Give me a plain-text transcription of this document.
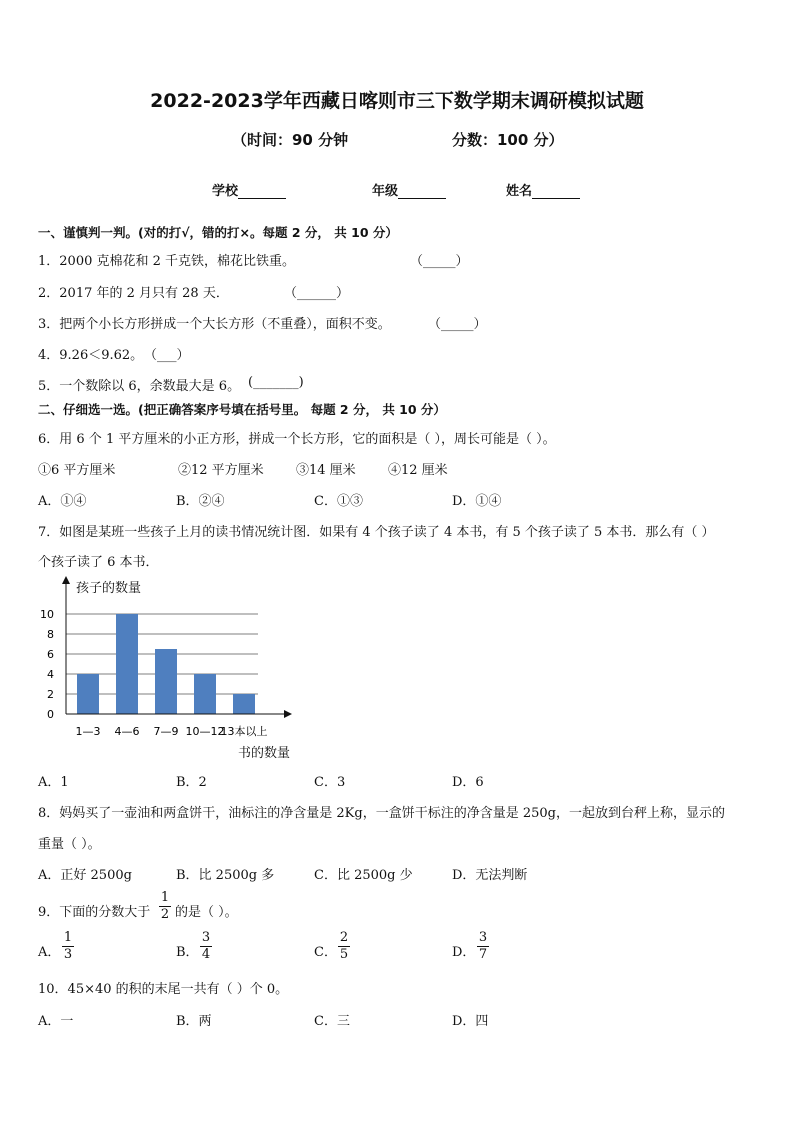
2022-2023学年西藏日喀则市三下数学期末调研模拟试题
（时间：90 分钟	分数：100 分）
学校	年级	姓名
一、谨慎判一判。(对的打√，错的打×。每题 2 分， 共 10 分）
1．2000 克棉花和 2 千克铁，棉花比铁重。	（_____）
2．2017 年的 2 月只有 28 天．	（______）
3．把两个小长方形拼成一个大长方形（不重叠），面积不变。	（_____）
4．9.26＜9.62。 （___）
5．一个数除以 6，余数最大是 6。 (_______)
二、仔细选一选。(把正确答案序号填在括号里。 每题 2 分， 共 10 分）
6．用 6 个 1 平方厘米的小正方形，拼成一个长方形，它的面积是（ ），周长可能是（ ）。
①6 平方厘米	②12 平方厘米 ③14 厘米 ④12 厘米
A．①④	B．②④	C．①③	D．①④
7．如图是某班一些孩子上月的读书情况统计图．如果有 4 个孩子读了 4 本书，有 5 个孩子读了 5 本书．那么有（ ）
个孩子读了 6 本书．
0
2
4
6
8
10
1—3 4—6 7—9 10—12
13本以上
孩子的数量
书的数量
A．1	B．2	C．3	D．6
8．妈妈买了一壶油和两盒饼干，油标注的净含量是 2Kg，一盒饼干标注的净含量是 250g，一起放到台秤上称，显示的
重量（ ）。
A．正好 2500g	B．比 2500g 多	C．比 2500g 少	D．无法判断
9．下面的分数大于 $\frac{1}{2}$ 的是（ ）。
A． $\frac{1}{3}$	B． $\frac{3}{4}$	C． $\frac{2}{5}$	D． $\frac{3}{7}$
10．45×40 的积的末尾一共有（ ）个 0。
A．一	B．两	C．三	D．四
